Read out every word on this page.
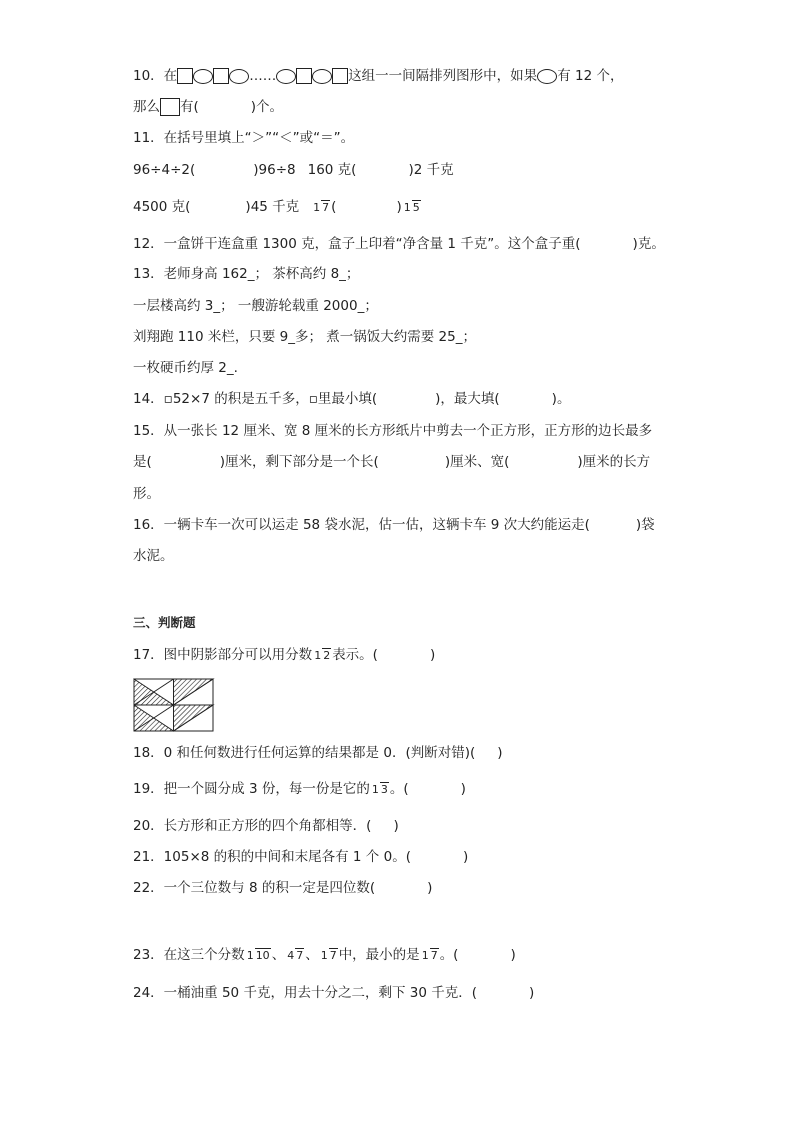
10．在	……	这组一一间隔排列图形中，如果 有 12 个，
那么 有(	)个。
11．在括号里填上“＞”“＜”或“＝”。
96÷4÷2(	)96÷8 160 克(	)2 千克
4500 克(	)45 千克 1 7 (	) 1 5
12．一盒饼干连盒重 1300 克，盒子上印着“净含量 1 千克”。这个盒子重(	)克。
13．老师身高 162_； 茶杯高约 8_；
一层楼高约 3_； 一艘游轮载重 2000_；
刘翔跑 110 米栏，只要 9_多； 煮一锅饭大约需要 25_；
一枚硬币约厚 2_.
14．▫52×7 的积是五千多，▫里最小填(	)，最大填(	)。
15．从一张长 12 厘米、宽 8 厘米的长方形纸片中剪去一个正方形，正方形的边长最多
是(	)厘米，剩下部分是一个长(	)厘米、宽(	)厘米的长方
形。
16．一辆卡车一次可以运走 58 袋水泥，估一估，这辆卡车 9 次大约能运走(	)袋
水泥。
三、判断题
17．图中阴影部分可以用分数 1 2 表示。(	)
18．0 和任何数进行任何运算的结果都是 0．(判断对错)( )
19．把一个圆分成 3 份，每一份是它的 1 3 。(	)
20．长方形和正方形的四个角都相等．( )
21．105×8 的积的中间和末尾各有 1 个 0。(	)
22．一个三位数与 8 的积一定是四位数(	)
23．在这三个分数 1 10 、 4 7 、 1 7 中，最小的是 1 7 。(	)
24．一桶油重 50 千克，用去十分之二，剩下 30 千克．(	)
